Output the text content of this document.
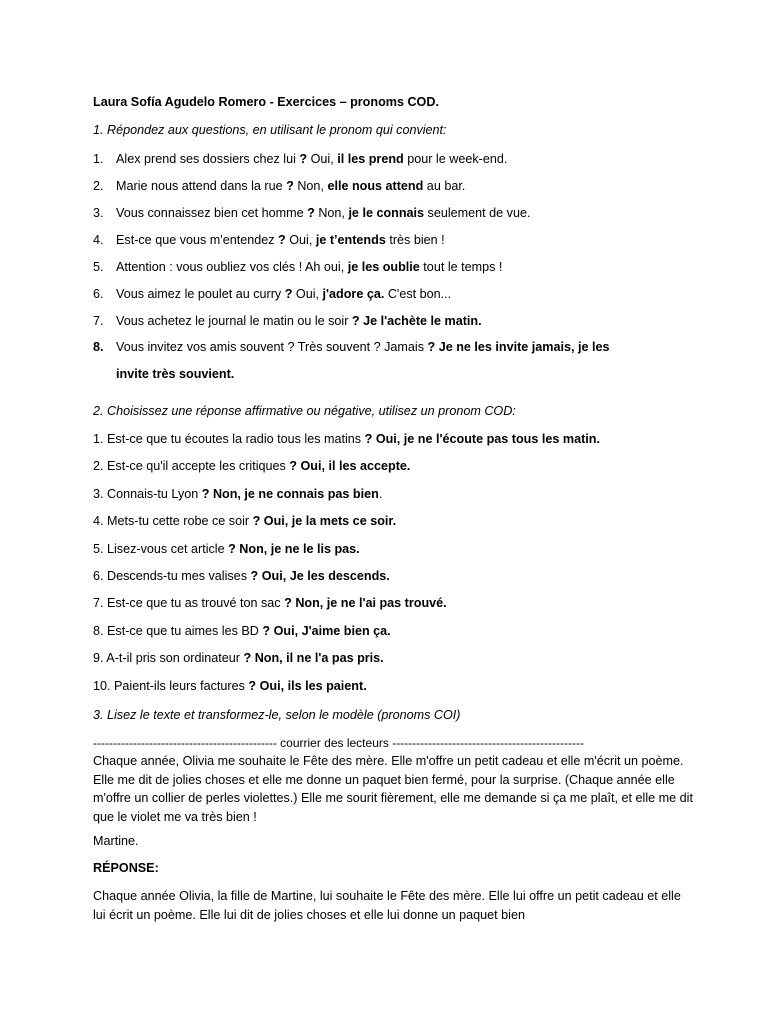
Laura Sofía Agudelo Romero - Exercices – pronoms COD.
1. Répondez aux questions, en utilisant le pronom qui convient:
1. Alex prend ses dossiers chez lui ? Oui, il les prend pour le week-end.
2. Marie nous attend dans la rue ? Non, elle nous attend au bar.
3. Vous connaissez bien cet homme ? Non, je le connais seulement de vue.
4. Est-ce que vous m'entendez ? Oui, je t’entends très bien !
5. Attention : vous oubliez vos clés ! Ah oui, je les oublie tout le temps !
6. Vous aimez le poulet au curry ? Oui, j'adore ça. C'est bon...
7. Vous achetez le journal le matin ou le soir ? Je l'achète le matin.
8. Vous invitez vos amis souvent ? Très souvent ? Jamais ? Je ne les invite jamais, je les
invite très souvient.
2. Choisissez une réponse affirmative ou négative, utilisez un pronom COD:
1. Est-ce que tu écoutes la radio tous les matins ? Oui, je ne l'écoute pas tous les matin.
2. Est-ce qu'il accepte les critiques ? Oui, il les accepte.
3. Connais-tu Lyon ? Non, je ne connais pas bien.
4. Mets-tu cette robe ce soir ? Oui, je la mets ce soir.
5. Lisez-vous cet article ? Non, je ne le lis pas.
6. Descends-tu mes valises ? Oui, Je les descends.
7. Est-ce que tu as trouvé ton sac ? Non, je ne l'ai pas trouvé.
8. Est-ce que tu aimes les BD ? Oui, J'aime bien ça.
9. A-t-il pris son ordinateur ? Non, il ne l'a pas pris.
10. Paient-ils leurs factures ? Oui, ils les paient.
3. Lisez le texte et transformez-le, selon le modèle (pronoms COI)
---------------------------------------------- courrier des lecteurs ------------------------------------------------
Chaque année, Olivia me souhaite le Fête des mère. Elle m'offre un petit cadeau et elle m'écrit un poème. Elle me dit de jolies choses et elle me donne un paquet bien fermé, pour la surprise. (Chaque année elle m'offre un collier de perles violettes.) Elle me sourit fièrement, elle me demande si ça me plaît, et elle me dit que le violet me va très bien !
Martine.
RÉPONSE:
Chaque année Olivia, la fille de Martine, lui souhaite le Fête des mère. Elle lui offre un petit cadeau et elle lui écrit un poème. Elle lui dit de jolies choses et elle lui donne un paquet bien
